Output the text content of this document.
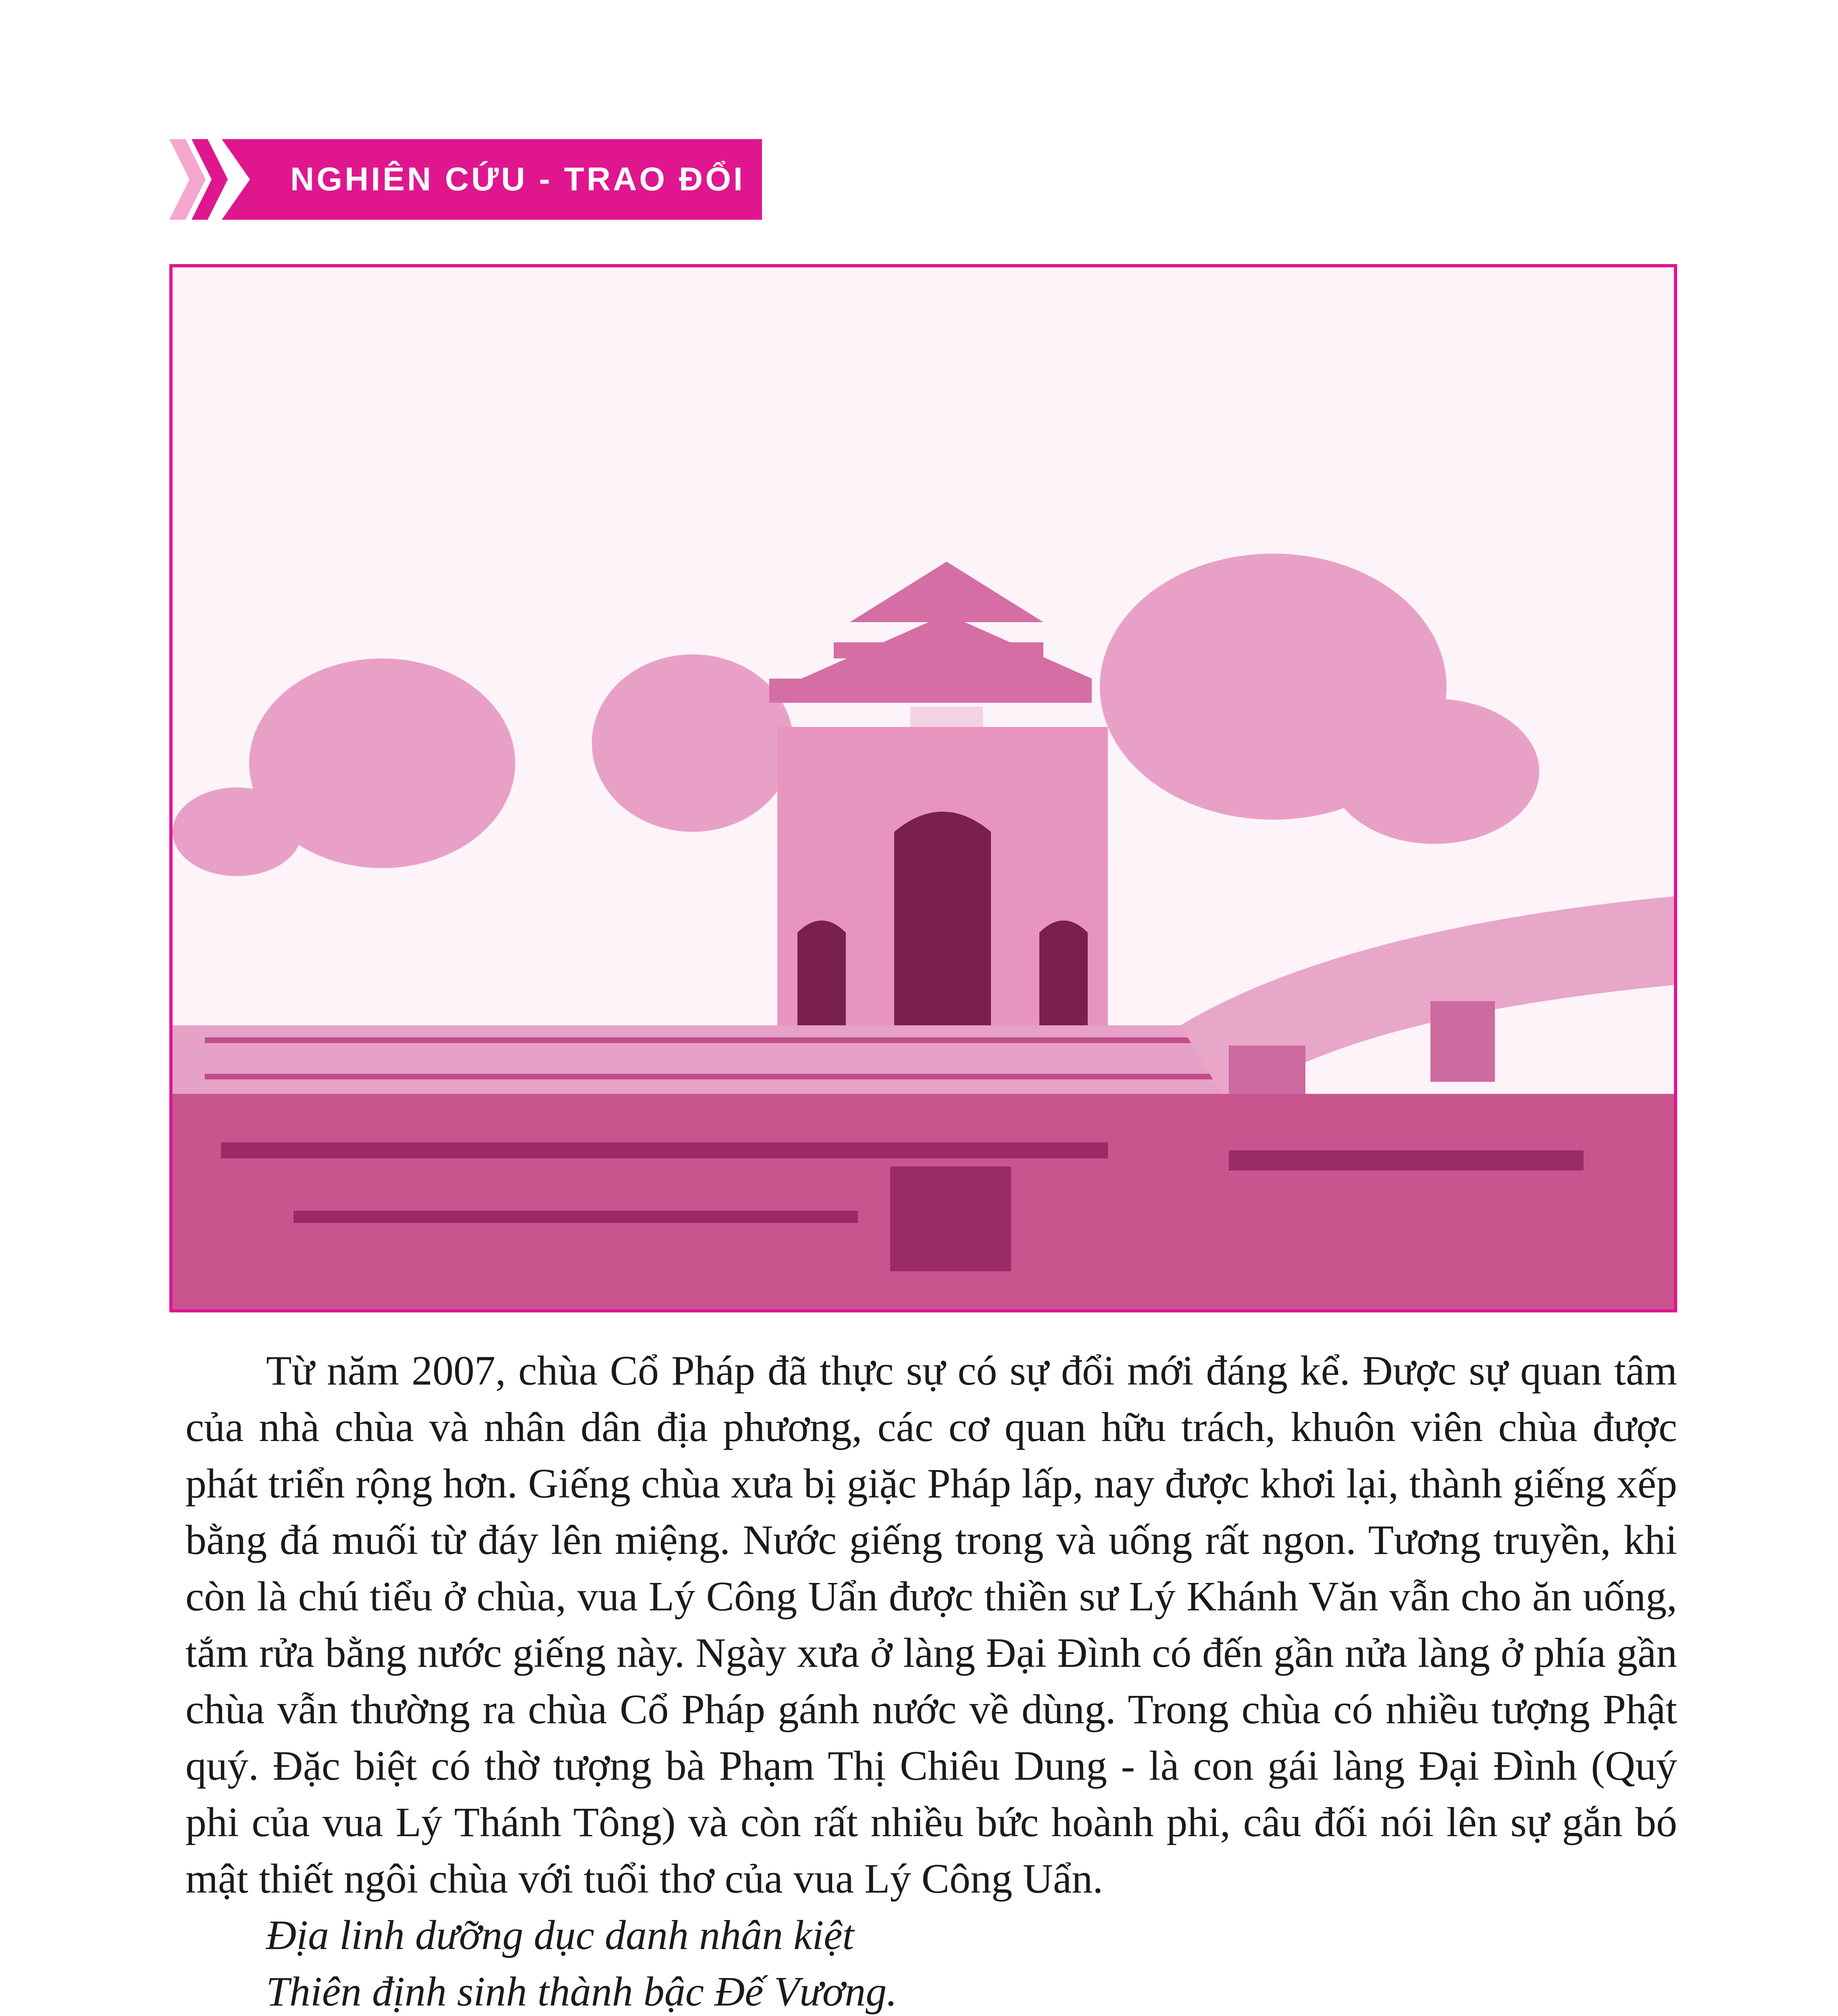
NGHIÊN CỨU - TRAO ĐỔI

Từ năm 2007, chùa Cổ Pháp đã thực sự có sự đổi mới đáng kể. Được sự quan tâm của nhà chùa và nhân dân địa phương, các cơ quan hữu trách, khuôn viên chùa được phát triển rộng hơn. Giếng chùa xưa bị giặc Pháp lấp, nay được khơi lại, thành giếng xếp bằng đá muối từ đáy lên miệng. Nước giếng trong và uống rất ngon. Tương truyền, khi còn là chú tiểu ở chùa, vua Lý Công Uẩn được thiền sư Lý Khánh Văn vẫn cho ăn uống, tắm rửa bằng nước giếng này. Ngày xưa ở làng Đại Đình có đến gần nửa làng ở phía gần chùa vẫn thường ra chùa Cổ Pháp gánh nước về dùng. Trong chùa có nhiều tượng Phật quý. Đặc biệt có thờ tượng bà Phạm Thị Chiêu Dung - là con gái làng Đại Đình (Quý phi của vua Lý Thánh Tông) và còn rất nhiều bức hoành phi, câu đối nói lên sự gắn bó mật thiết ngôi chùa với tuổi thơ của vua Lý Công Uẩn.

Địa linh dưỡng dục danh nhân kiệt
Thiên định sinh thành bậc Đế Vương.
